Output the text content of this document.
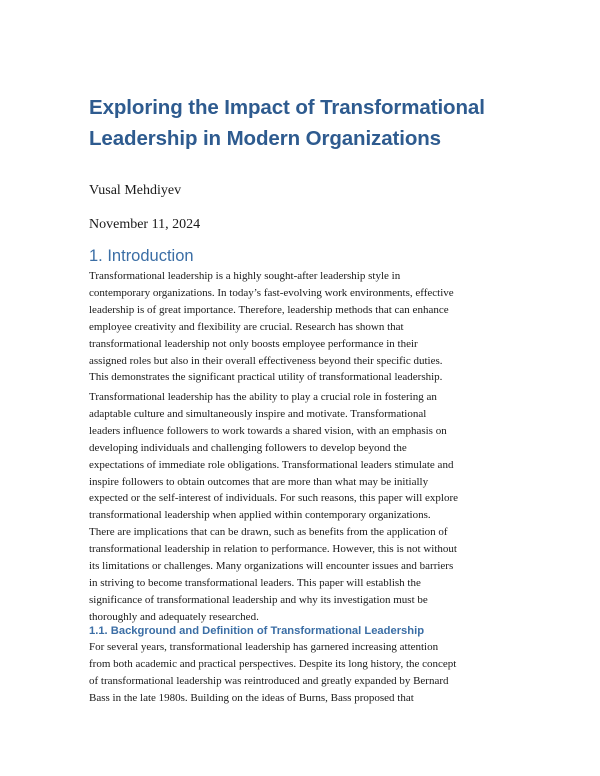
Exploring the Impact of Transformational
Leadership in Modern Organizations

Vusal Mehdiyev

November 11, 2024

1. Introduction

Transformational leadership is a highly sought-after leadership style in
contemporary organizations. In today’s fast-evolving work environments, effective
leadership is of great importance. Therefore, leadership methods that can enhance
employee creativity and flexibility are crucial. Research has shown that
transformational leadership not only boosts employee performance in their
assigned roles but also in their overall effectiveness beyond their specific duties.
This demonstrates the significant practical utility of transformational leadership.

Transformational leadership has the ability to play a crucial role in fostering an
adaptable culture and simultaneously inspire and motivate. Transformational
leaders influence followers to work towards a shared vision, with an emphasis on
developing individuals and challenging followers to develop beyond the
expectations of immediate role obligations. Transformational leaders stimulate and
inspire followers to obtain outcomes that are more than what may be initially
expected or the self-interest of individuals. For such reasons, this paper will explore
transformational leadership when applied within contemporary organizations.
There are implications that can be drawn, such as benefits from the application of
transformational leadership in relation to performance. However, this is not without
its limitations or challenges. Many organizations will encounter issues and barriers
in striving to become transformational leaders. This paper will establish the
significance of transformational leadership and why its investigation must be
thoroughly and adequately researched.

1.1. Background and Definition of Transformational Leadership

For several years, transformational leadership has garnered increasing attention
from both academic and practical perspectives. Despite its long history, the concept
of transformational leadership was reintroduced and greatly expanded by Bernard
Bass in the late 1980s. Building on the ideas of Burns, Bass proposed that
